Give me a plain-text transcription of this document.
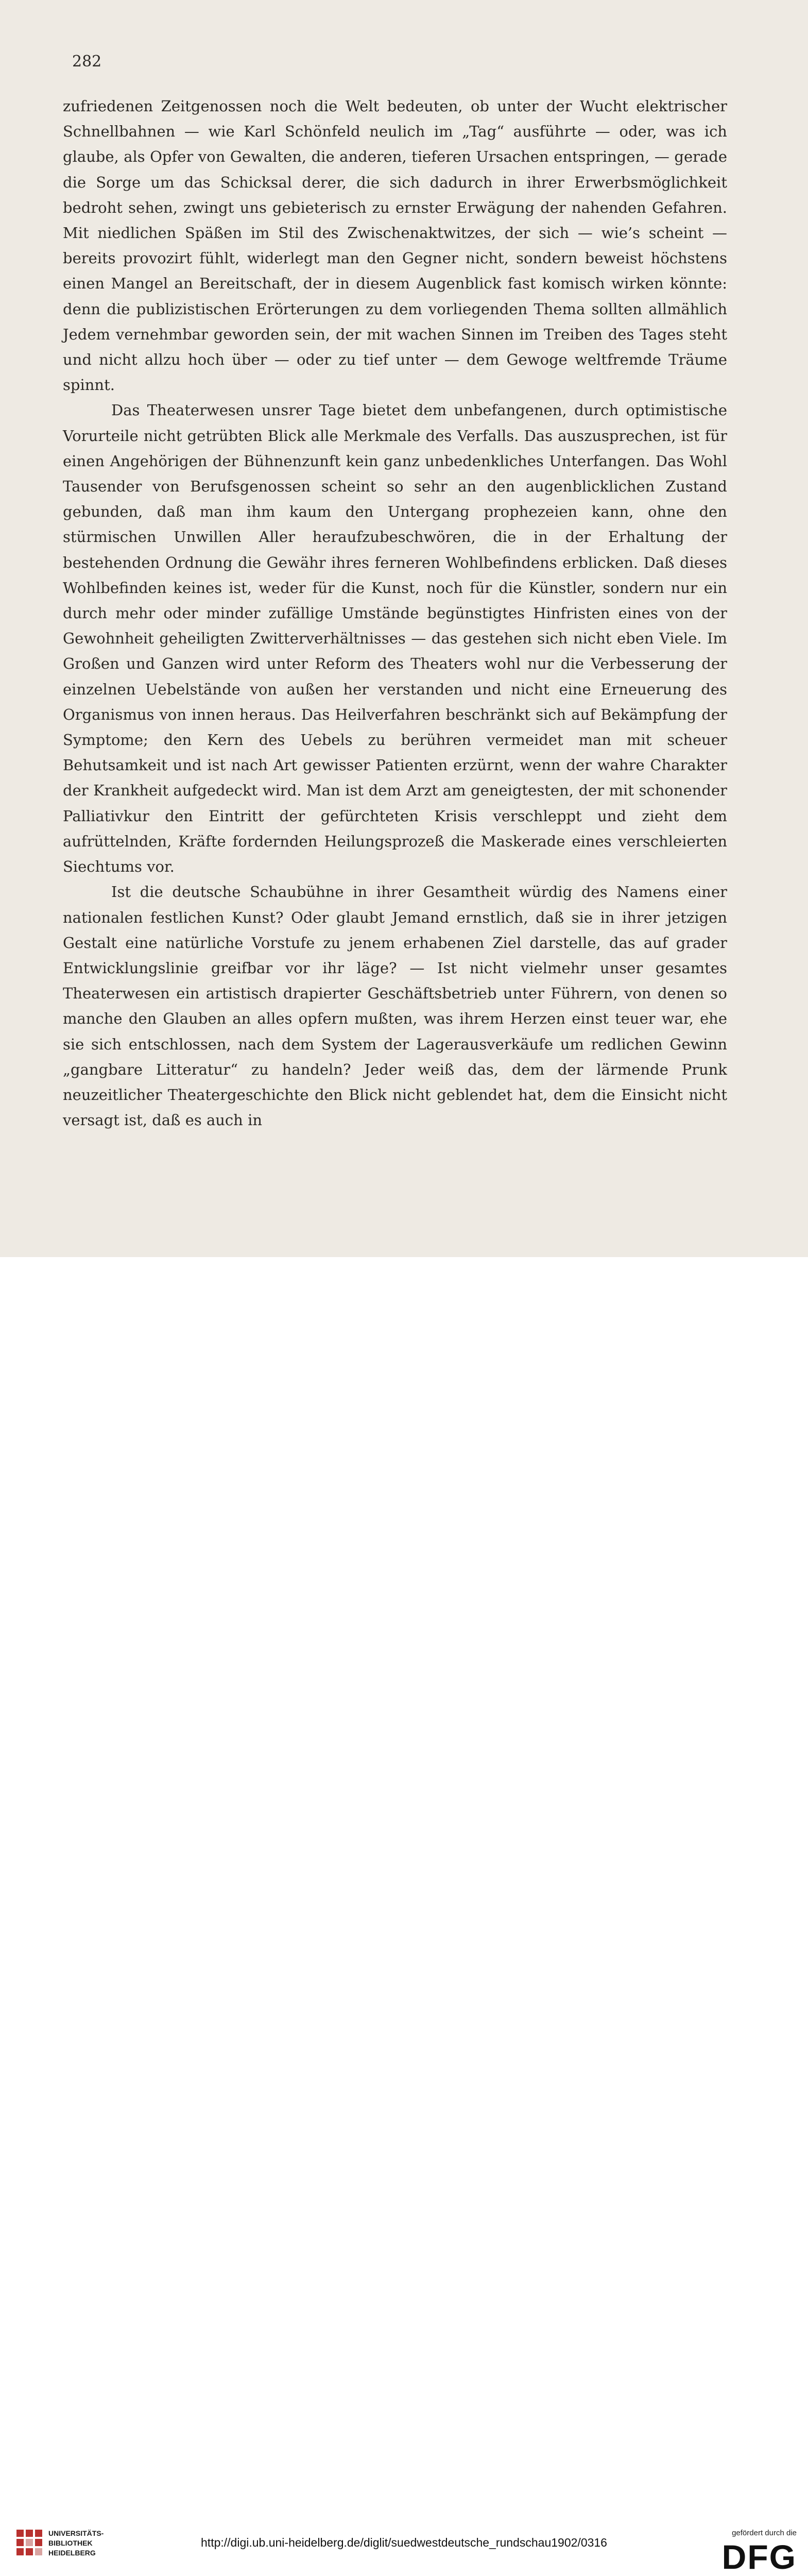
282

zufriedenen Zeitgenossen noch die Welt bedeuten, ob unter der Wucht elektrischer Schnellbahnen — wie Karl Schönfeld neulich im „Tag“ ausführte — oder, was ich glaube, als Opfer von Gewalten, die anderen, tieferen Ursachen entspringen, — gerade die Sorge um das Schicksal derer, die sich dadurch in ihrer Erwerbsmöglichkeit bedroht sehen, zwingt uns gebieterisch zu ernster Erwägung der nahenden Gefahren. Mit niedlichen Späßen im Stil des Zwischenaktwitzes, der sich — wie’s scheint — bereits provozirt fühlt, widerlegt man den Gegner nicht, sondern beweist höchstens einen Mangel an Bereitschaft, der in diesem Augenblick fast komisch wirken könnte: denn die publizistischen Erörterungen zu dem vorliegenden Thema sollten allmählich Jedem vernehmbar geworden sein, der mit wachen Sinnen im Treiben des Tages steht und nicht allzu hoch über — oder zu tief unter — dem Gewoge weltfremde Träume spinnt.

Das Theaterwesen unsrer Tage bietet dem unbefangenen, durch optimistische Vorurteile nicht getrübten Blick alle Merkmale des Verfalls. Das auszusprechen, ist für einen Angehörigen der Bühnenzunft kein ganz unbedenkliches Unterfangen. Das Wohl Tausender von Berufsgenossen scheint so sehr an den augenblicklichen Zustand gebunden, daß man ihm kaum den Untergang prophezeien kann, ohne den stürmischen Unwillen Aller heraufzubeschwören, die in der Erhaltung der bestehenden Ordnung die Gewähr ihres ferneren Wohlbefindens erblicken. Daß dieses Wohlbefinden keines ist, weder für die Kunst, noch für die Künstler, sondern nur ein durch mehr oder minder zufällige Umstände begünstigtes Hinfristen eines von der Gewohnheit geheiligten Zwitterverhältnisses — das gestehen sich nicht eben Viele. Im Großen und Ganzen wird unter Reform des Theaters wohl nur die Verbesserung der einzelnen Uebelstände von außen her verstanden und nicht eine Erneuerung des Organismus von innen heraus. Das Heilverfahren beschränkt sich auf Bekämpfung der Symptome; den Kern des Uebels zu berühren vermeidet man mit scheuer Behutsamkeit und ist nach Art gewisser Patienten erzürnt, wenn der wahre Charakter der Krankheit aufgedeckt wird. Man ist dem Arzt am geneigtesten, der mit schonender Palliativkur den Eintritt der gefürchteten Krisis verschleppt und zieht dem aufrüttelnden, Kräfte fordernden Heilungsprozeß die Maskerade eines verschleierten Siechtums vor.

Ist die deutsche Schaubühne in ihrer Gesamtheit würdig des Namens einer nationalen festlichen Kunst? Oder glaubt Jemand ernstlich, daß sie in ihrer jetzigen Gestalt eine natürliche Vorstufe zu jenem erhabenen Ziel darstelle, das auf grader Entwicklungslinie greifbar vor ihr läge? — Ist nicht vielmehr unser gesamtes Theaterwesen ein artistisch drapierter Geschäftsbetrieb unter Führern, von denen so manche den Glauben an alles opfern mußten, was ihrem Herzen einst teuer war, ehe sie sich entschlossen, nach dem System der Lagerausverkäufe um redlichen Gewinn „gangbare Litteratur“ zu handeln? Jeder weiß das, dem der lärmende Prunk neuzeitlicher Theatergeschichte den Blick nicht geblendet hat, dem die Einsicht nicht versagt ist, daß es auch in

UNIVERSITÄTS-
BIBLIOTHEK
HEIDELBERG
http://digi.ub.uni-heidelberg.de/diglit/suedwestdeutsche_rundschau1902/0316
gefördert durch die
DFG
